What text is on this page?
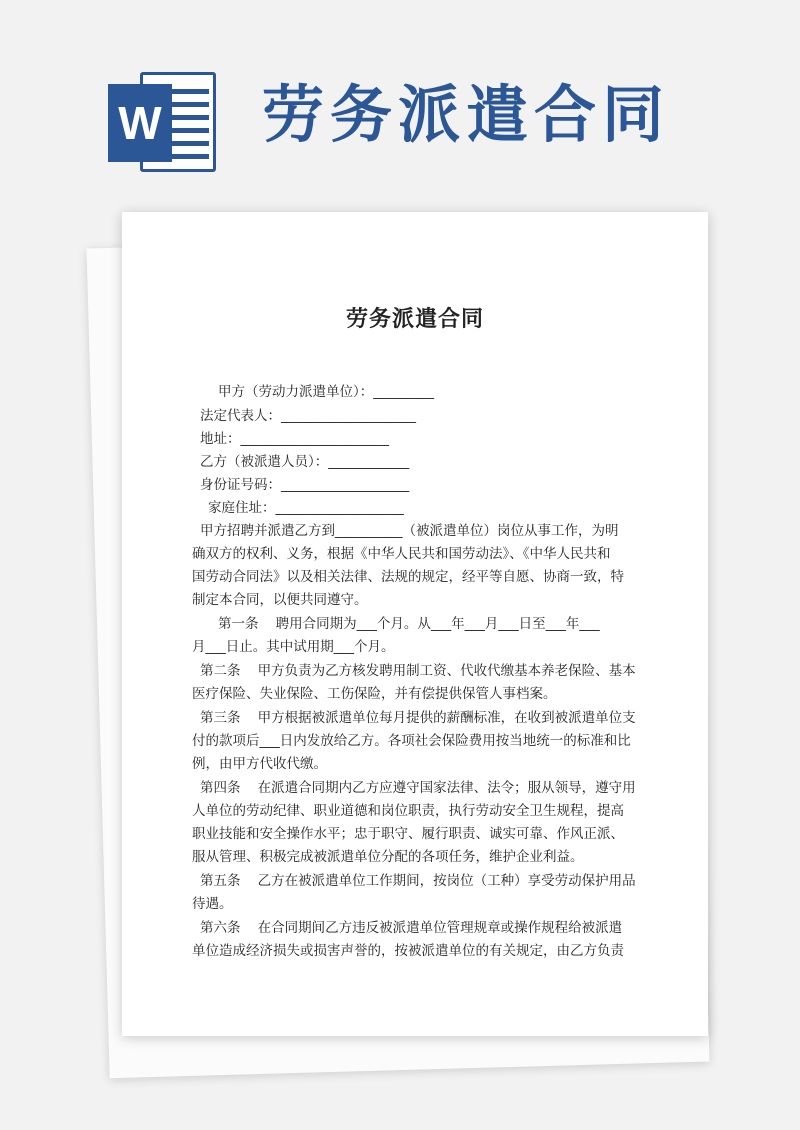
W 劳务派遣合同
劳务派遣合同

甲方（劳动力派遣单位）：_________

法定代表人：____________________

地址：______________________

乙方（被派遣人员）：____________

身份证号码：___________________

家庭住址：___________________

甲方招聘并派遣乙方到__________（被派遣单位）岗位从事工作，为明

确双方的权利、义务，根据《中华人民共和国劳动法》、《中华人民共和

国劳动合同法》以及相关法律、法规的规定，经平等自愿、协商一致，特

制定本合同，以便共同遵守。

第一条    聘用合同期为___个月。从___年___月___日至___年___

月___日止。其中试用期___个月。

第二条    甲方负责为乙方核发聘用制工资、代收代缴基本养老保险、基本

医疗保险、失业保险、工伤保险，并有偿提供保管人事档案。

第三条    甲方根据被派遣单位每月提供的薪酬标准，在收到被派遣单位支

付的款项后___日内发放给乙方。各项社会保险费用按当地统一的标准和比

例，由甲方代收代缴。

第四条    在派遣合同期内乙方应遵守国家法律、法令；服从领导，遵守用

人单位的劳动纪律、职业道德和岗位职责，执行劳动安全卫生规程，提高

职业技能和安全操作水平；忠于职守、履行职责、诚实可靠、作风正派、

服从管理、积极完成被派遣单位分配的各项任务，维护企业利益。

第五条    乙方在被派遣单位工作期间，按岗位（工种）享受劳动保护用品

待遇。

第六条    在合同期间乙方违反被派遣单位管理规章或操作规程给被派遣

单位造成经济损失或损害声誉的，按被派遣单位的有关规定，由乙方负责
